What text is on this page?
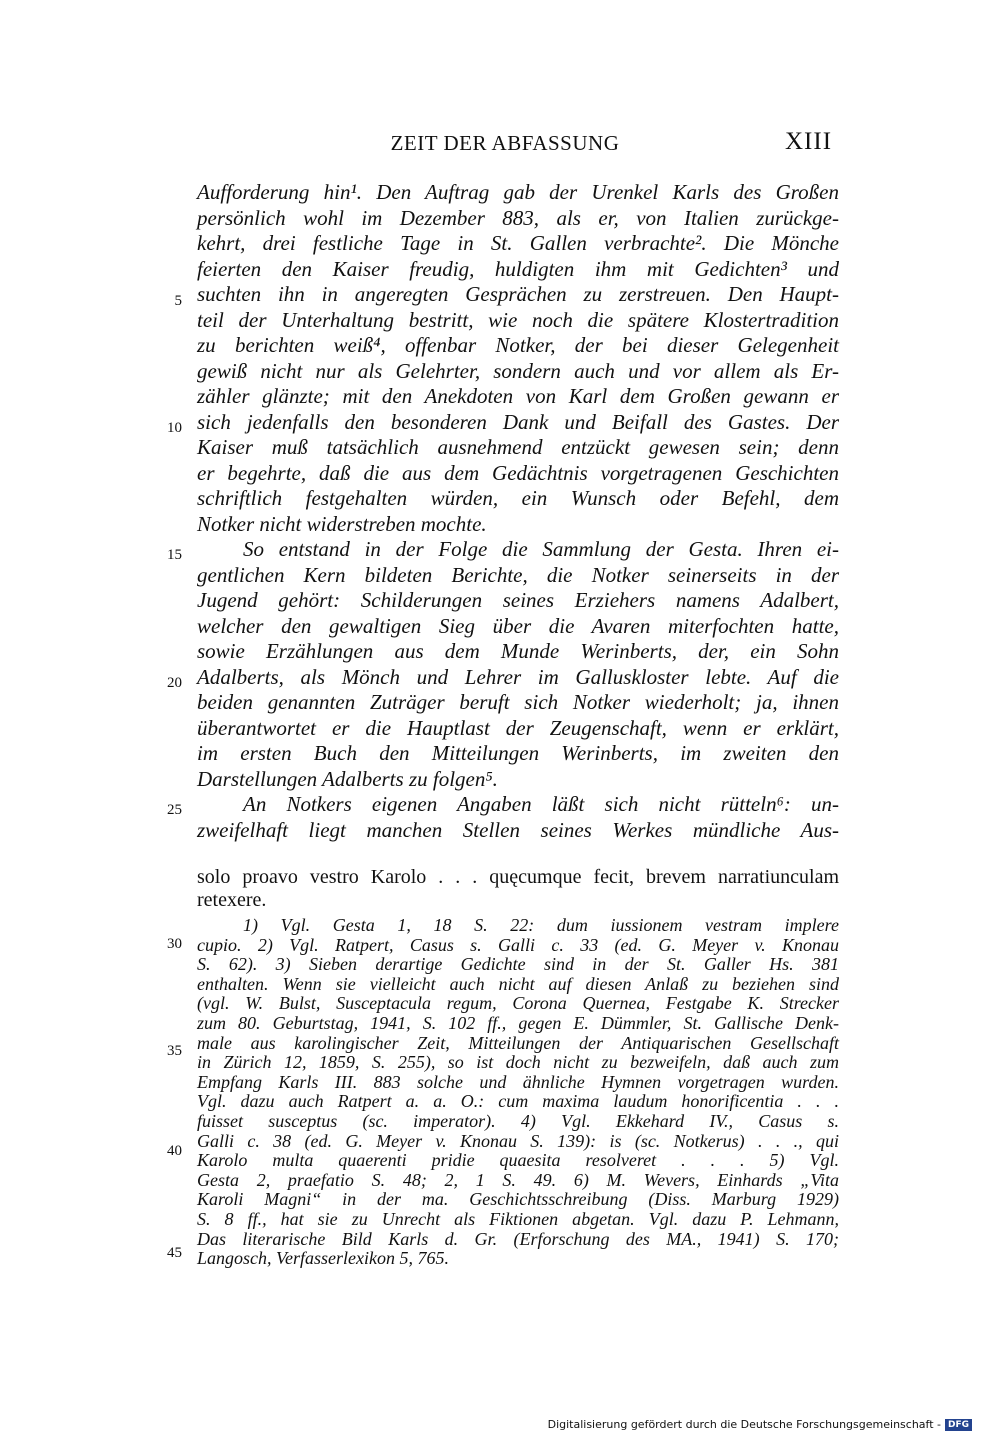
ZEIT DER ABFASSUNG	XIII
5
10
15
20
25
Aufforderung hin¹. Den Auftrag gab der Urenkel Karls des Großen
persönlich wohl im Dezember 883, als er, von Italien zurückge-
kehrt, drei festliche Tage in St. Gallen verbrachte². Die Mönche
feierten den Kaiser freudig, huldigten ihm mit Gedichten³ und
suchten ihn in angeregten Gesprächen zu zerstreuen. Den Haupt-
teil der Unterhaltung bestritt, wie noch die spätere Klostertradition
zu berichten weiß⁴, offenbar Notker, der bei dieser Gelegenheit
gewiß nicht nur als Gelehrter, sondern auch und vor allem als Er-
zähler glänzte; mit den Anekdoten von Karl dem Großen gewann er
sich jedenfalls den besonderen Dank und Beifall des Gastes. Der
Kaiser muß tatsächlich ausnehmend entzückt gewesen sein; denn
er begehrte, daß die aus dem Gedächtnis vorgetragenen Geschichten
schriftlich festgehalten würden, ein Wunsch oder Befehl, dem
Notker nicht widerstreben mochte.
So entstand in der Folge die Sammlung der Gesta. Ihren ei-
gentlichen Kern bildeten Berichte, die Notker seinerseits in der
Jugend gehört: Schilderungen seines Erziehers namens Adalbert,
welcher den gewaltigen Sieg über die Avaren miterfochten hatte,
sowie Erzählungen aus dem Munde Werinberts, der, ein Sohn
Adalberts, als Mönch und Lehrer im Galluskloster lebte. Auf die
beiden genannten Zuträger beruft sich Notker wiederholt; ja, ihnen
überantwortet er die Hauptlast der Zeugenschaft, wenn er erklärt,
im ersten Buch den Mitteilungen Werinberts, im zweiten den
Darstellungen Adalberts zu folgen⁵.
An Notkers eigenen Angaben läßt sich nicht rütteln⁶: un-
zweifelhaft liegt manchen Stellen seines Werkes mündliche Aus-
solo proavo vestro Karolo . . . quęcumque fecit, brevem narratiunculam
retexere.
30
35
40
45
1) Vgl. Gesta 1, 18 S. 22: dum iussionem vestram implere
cupio. 2) Vgl. Ratpert, Casus s. Galli c. 33 (ed. G. Meyer v. Knonau
S. 62). 3) Sieben derartige Gedichte sind in der St. Galler Hs. 381
enthalten. Wenn sie vielleicht auch nicht auf diesen Anlaß zu beziehen sind
(vgl. W. Bulst, Susceptacula regum, Corona Quernea, Festgabe K. Strecker
zum 80. Geburtstag, 1941, S. 102 ff., gegen E. Dümmler, St. Gallische Denk-
male aus karolingischer Zeit, Mitteilungen der Antiquarischen Gesellschaft
in Zürich 12, 1859, S. 255), so ist doch nicht zu bezweifeln, daß auch zum
Empfang Karls III. 883 solche und ähnliche Hymnen vorgetragen wurden.
Vgl. dazu auch Ratpert a. a. O.: cum maxima laudum honorificentia . . .
fuisset susceptus (sc. imperator). 4) Vgl. Ekkehard IV., Casus s.
Galli c. 38 (ed. G. Meyer v. Knonau S. 139): is (sc. Notkerus) . . ., qui
Karolo multa quaerenti pridie quaesita resolveret . . . 5) Vgl.
Gesta 2, praefatio S. 48; 2, 1 S. 49. 6) M. Wevers, Einhards „Vita
Karoli Magni“ in der ma. Geschichtsschreibung (Diss. Marburg 1929)
S. 8 ff., hat sie zu Unrecht als Fiktionen abgetan. Vgl. dazu P. Lehmann,
Das literarische Bild Karls d. Gr. (Erforschung des MA., 1941) S. 170;
Langosch, Verfasserlexikon 5, 765.
Digitalisierung gefördert durch die Deutsche Forschungsgemeinschaft - DFG
